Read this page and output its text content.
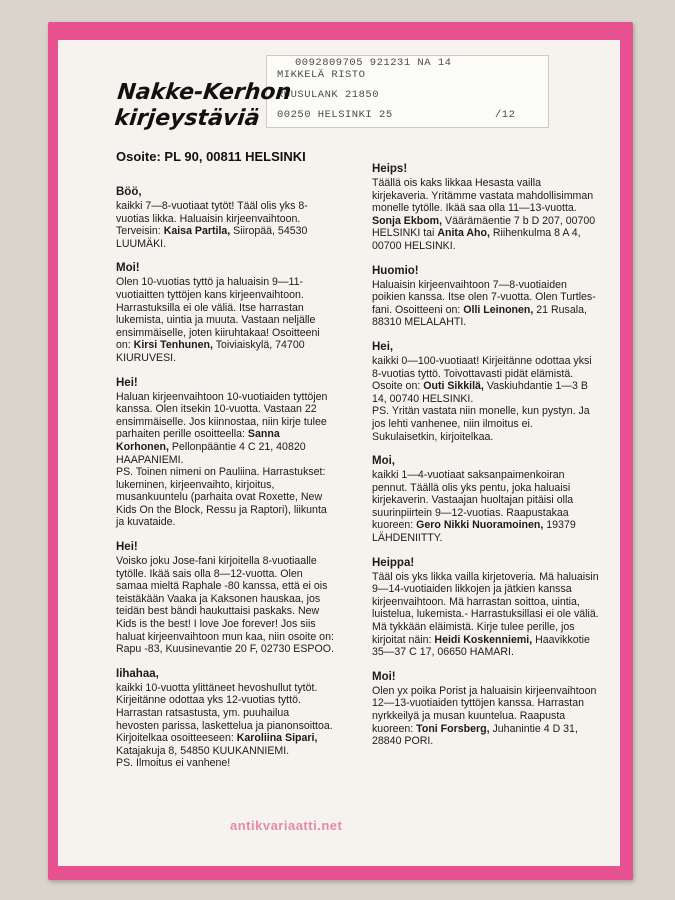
0092809705 921231 NA 14
MIKKELÄ RISTO
RUUSULANK 21850
00250 HELSINKI 25	/12
Nakke-Kerhon
kirjeystäviä
Osoite: PL 90, 00811 HELSINKI
Böö,

kaikki 7—8-vuotiaat tytöt! Tääl olis yks 8-vuotias likka. Haluaisin kirjeenvaihtoon. Terveisin: Kaisa Partila, Siiropää, 54530 LUUMÄKI.

Moi!

Olen 10-vuotias tyttö ja haluaisin 9—11-vuotiaitten tyttöjen kans kirjeenvaihtoon. Harrastuksilla ei ole väliä. Itse harrastan lukemista, uintia ja muuta. Vastaan neljälle ensimmäiselle, joten kiiruhtakaa! Osoitteeni on: Kirsi Tenhunen, Toiviaiskylä, 74700 KIURUVESI.

Hei!

Haluan kirjeenvaihtoon 10-vuotiaiden tyttöjen kanssa. Olen itsekin 10-vuotta. Vastaan 22 ensimmäiselle. Jos kiinnostaa, niin kirje tulee parhaiten perille osoitteella: Sanna Korhonen, Pellonpääntie 4 C 21, 40820 HAAPANIEMI.

PS. Toinen nimeni on Pauliina. Harrastukset: lukeminen, kirjeenvaihto, kirjoitus, musankuuntelu (parhaita ovat Roxette, New Kids On the Block, Ressu ja Raptori), liikunta ja kuvataide.

Hei!

Voisko joku Jose-fani kirjoitella 8-vuotiaalle tytölle. Ikää sais olla 8—12-vuotta. Olen samaa mieltä Raphale -80 kanssa, että ei ois teistäkään Vaaka ja Kaksonen hauskaa, jos teidän best bändi haukuttaisi paskaks. New Kids is the best! I love Joe forever! Jos siis haluat kirjeenvaihtoon mun kaa, niin osoite on: Rapu -83, Kuusinevantie 20 F, 02730 ESPOO.

Iihahaa,

kaikki 10-vuotta ylittäneet hevoshullut tytöt. Kirjeitänne odottaa yks 12-vuotias tyttö. Harrastan ratsastusta, ym. puuhailua hevosten parissa, laskettelua ja pianonsoittoa. Kirjoitelkaa osoitteeseen: Karoliina Sipari, Katajakuja 8, 54850 KUUKANNIEMI.

PS. Ilmoitus ei vanhene!

Heips!

Täällä ois kaks likkaa Hesasta vailla kirjekaveria. Yritämme vastata mahdollisimman monelle tytölle. Ikää saa olla 11—13-vuotta. Sonja Ekbom, Väärämäentie 7 b D 207, 00700 HELSINKI tai Anita Aho, Riihenkulma 8 A 4, 00700 HELSINKI.

Huomio!

Haluaisin kirjeenvaihtoon 7—8-vuotiaiden poikien kanssa. Itse olen 7-vuotta. Olen Turtles-fani. Osoitteeni on: Olli Leinonen, 21 Rusala, 88310 MELALAHTI.

Hei,

kaikki 0—100-vuotiaat! Kirjeitänne odottaa yksi 8-vuotias tyttö. Toivottavasti pidät elämistä. Osoite on: Outi Sikkilä, Vaskiuhdantie 1—3 B 14, 00740 HELSINKI.

PS. Yritän vastata niin monelle, kun pystyn. Ja jos lehti vanhenee, niin ilmoitus ei. Sukulaisetkin, kirjoitelkaa.

Moi,

kaikki 1—4-vuotiaat saksanpaimenkoiran pennut. Täällä olis yks pentu, joka haluaisi kirjekaverin. Vastaajan huoltajan pitäisi olla suurinpiirtein 9—12-vuotias. Raapustakaa kuoreen: Gero Nikki Nuoramoinen, 19379 LÄHDENIITTY.

Heippa!

Tääl ois yks likka vailla kirjetoveria. Mä haluaisin 9—14-vuotiaiden likkojen ja jätkien kanssa kirjeenvaihtoon. Mä harrastan soittoa, uintia, luistelua, lukemista.- Harrastuksillasi ei ole väliä. Mä tykkään eläimistä. Kirje tulee perille, jos kirjoitat näin: Heidi Koskenniemi, Haavikkotie 35—37 C 17, 06650 HAMARI.

Moi!

Olen yx poika Porist ja haluaisin kirjeenvaihtoon 12—13-vuotiaiden tyttöjen kanssa. Harrastan nyrkkeilyä ja musan kuuntelua. Raapusta kuoreen: Toni Forsberg, Juhanintie 4 D 31, 28840 PORI.

antikvariaatti.net
